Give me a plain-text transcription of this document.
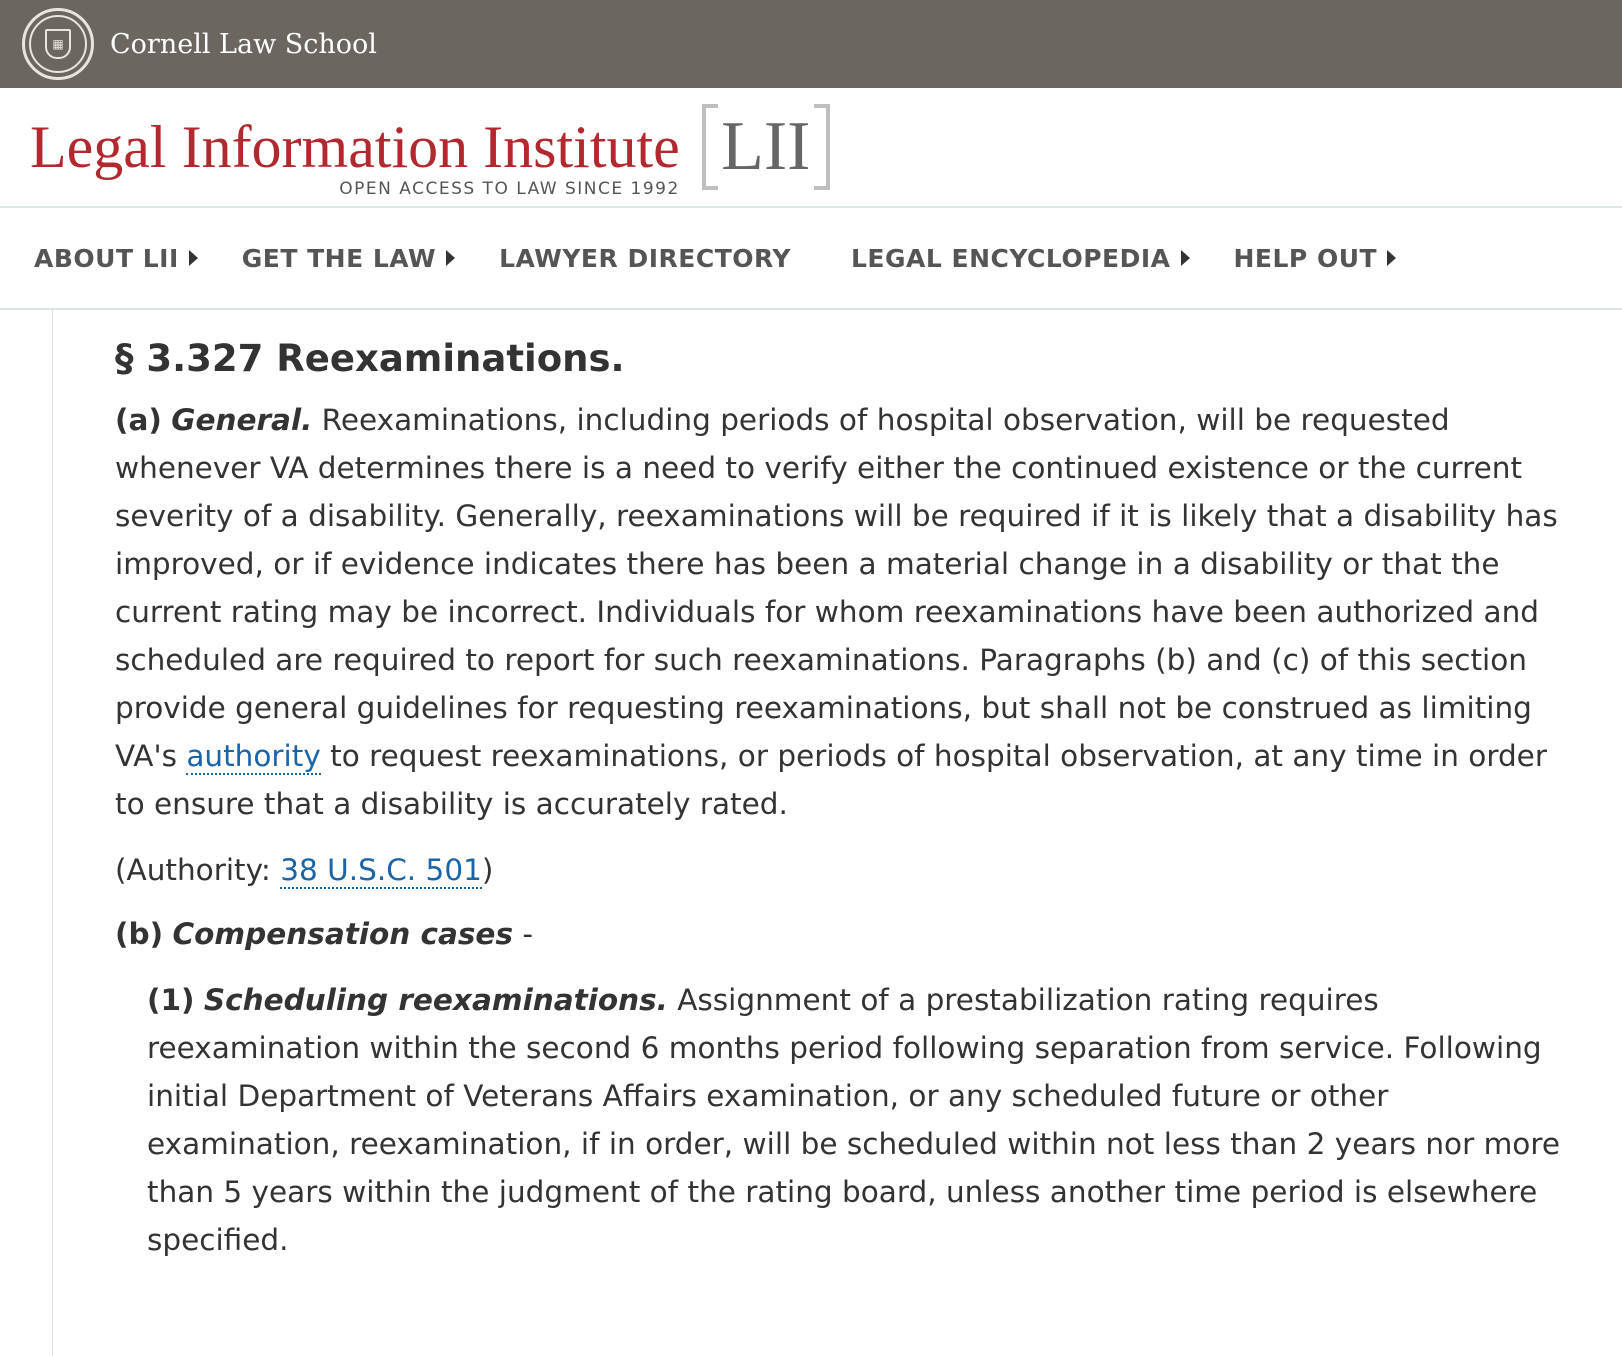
▦ Cornell Law School
Legal Information Institute
OPEN ACCESS TO LAW SINCE 1992
LII
ABOUT LII	GET THE LAW	LAWYER DIRECTORY LEGAL ENCYCLOPEDIA	HELP OUT
§ 3.327 Reexaminations.

(a) General. Reexaminations, including periods of hospital observation, will be requested whenever VA determines there is a need to verify either the continued existence or the current severity of a disability. Generally, reexaminations will be required if it is likely that a disability has improved, or if evidence indicates there has been a material change in a disability or that the current rating may be incorrect. Individuals for whom reexaminations have been authorized and scheduled are required to report for such reexaminations. Paragraphs (b) and (c) of this section provide general guidelines for requesting reexaminations, but shall not be construed as limiting VA's authority to request reexaminations, or periods of hospital observation, at any time in order to ensure that a disability is accurately rated.

(Authority: 38 U.S.C. 501)

(b) Compensation cases -

(1) Scheduling reexaminations. Assignment of a prestabilization rating requires reexamination within the second 6 months period following separation from service. Following initial Department of Veterans Affairs examination, or any scheduled future or other examination, reexamination, if in order, will be scheduled within not less than 2 years nor more than 5 years within the judgment of the rating board, unless another time period is elsewhere specified.
